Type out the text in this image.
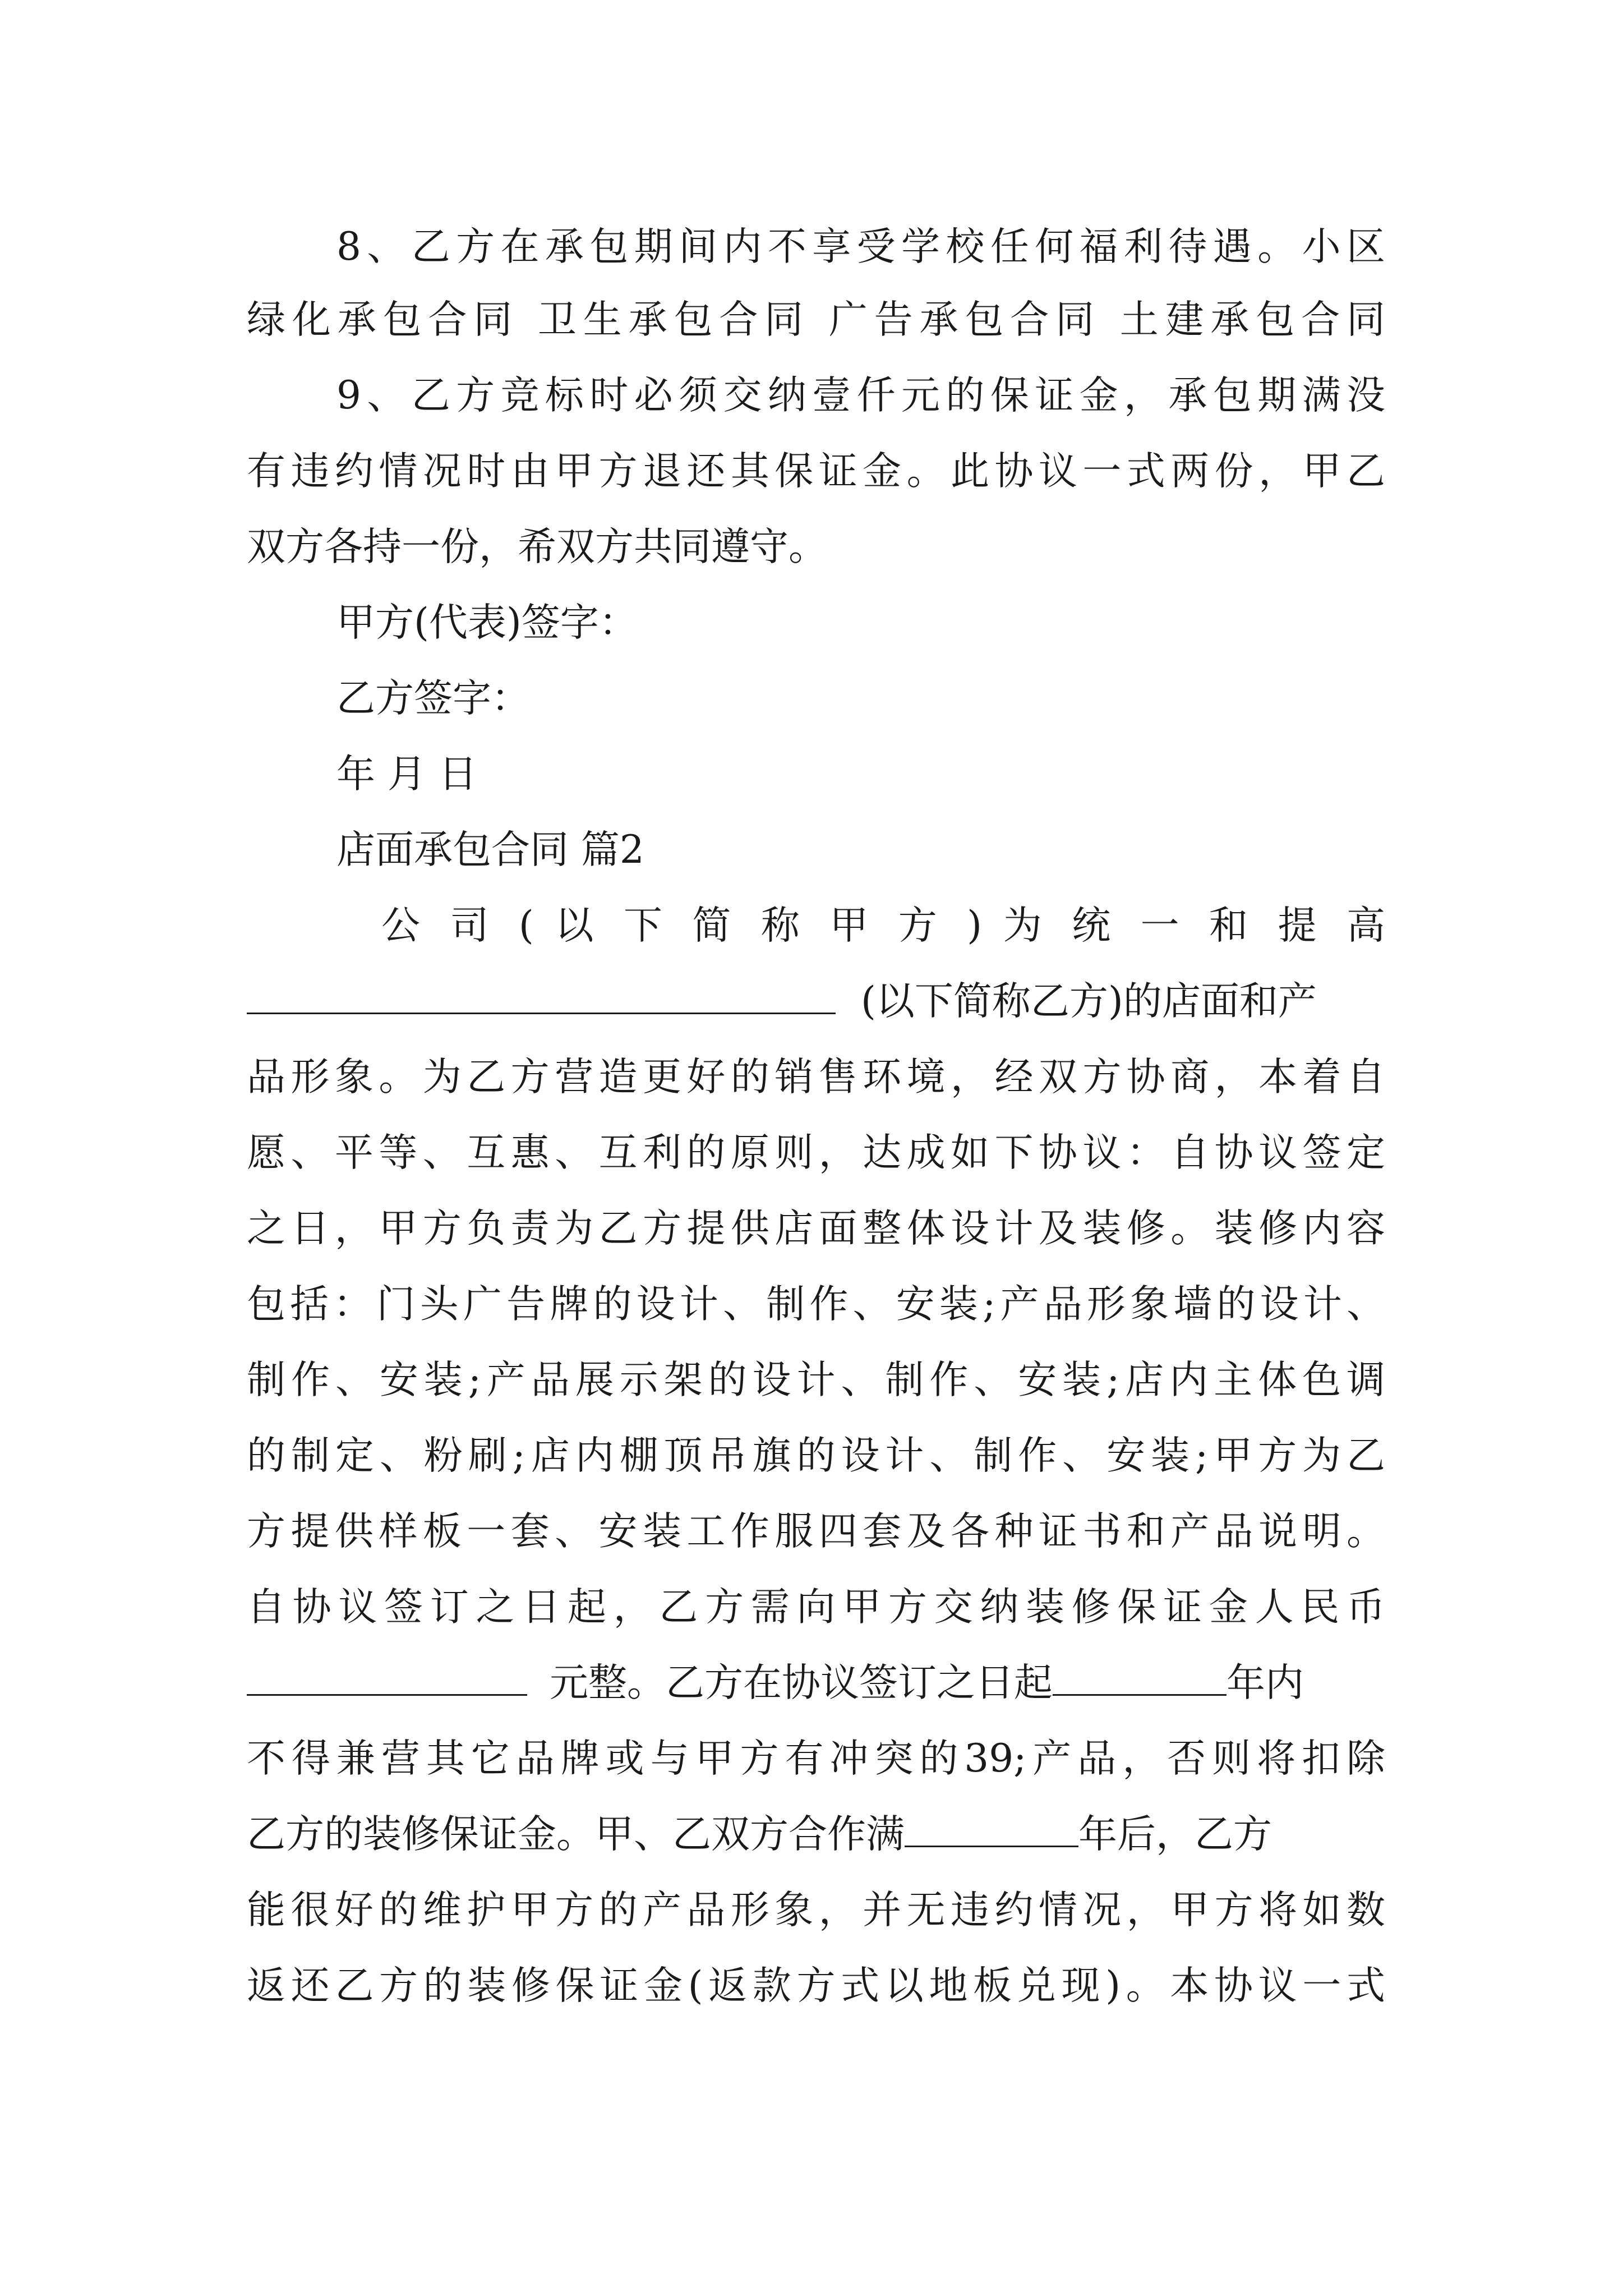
8、乙方在承包期间内不享受学校任何福利待遇。小区
绿化承包合同 卫生承包合同 广告承包合同 土建承包合同
9、乙方竞标时必须交纳壹仟元的保证金，承包期满没
有违约情况时由甲方退还其保证金。此协议一式两份，甲乙
双方各持一份，希双方共同遵守。
甲方(代表)签字：
乙方签字：
年 月 日
店面承包合同 篇2
公 司 ( 以 下 简 称 甲 方 ) 为 统 一 和 提 高
(以下简称乙方)的店面和产
品形象。为乙方营造更好的销售环境，经双方协商，本着自
愿、平等、互惠、互利的原则，达成如下协议：自协议签定
之日，甲方负责为乙方提供店面整体设计及装修。装修内容
包括：门头广告牌的设计、制作、安装;产品形象墙的设计、
制作、安装;产品展示架的设计、制作、安装;店内主体色调
的制定、粉刷;店内棚顶吊旗的设计、制作、安装;甲方为乙
方提供样板一套、安装工作服四套及各种证书和产品说明。
自协议签订之日起，乙方需向甲方交纳装修保证金人民币
元整。乙方在协议签订之日起	年内
不得兼营其它品牌或与甲方有冲突的39;产品，否则将扣除
乙方的装修保证金。甲、乙双方合作满	年后，乙方
能很好的维护甲方的产品形象，并无违约情况，甲方将如数
返还乙方的装修保证金(返款方式以地板兑现)。本协议一式
